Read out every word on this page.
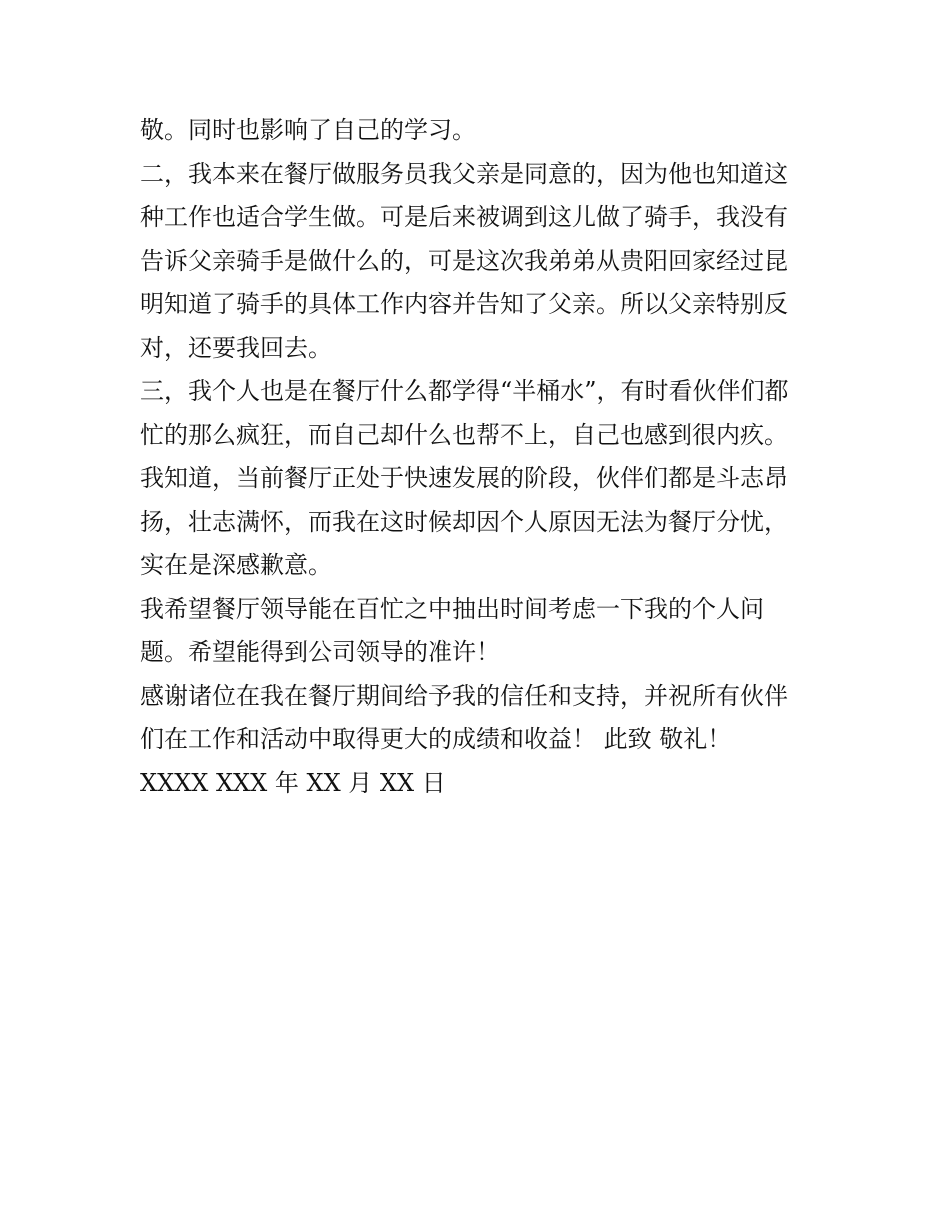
敬。同时也影响了自己的学习。
二，我本来在餐厅做服务员我父亲是同意的，因为他也知道这
种工作也适合学生做。可是后来被调到这儿做了骑手，我没有
告诉父亲骑手是做什么的，可是这次我弟弟从贵阳回家经过昆
明知道了骑手的具体工作内容并告知了父亲。所以父亲特别反
对，还要我回去。
三，我个人也是在餐厅什么都学得“半桶水”，有时看伙伴们都
忙的那么疯狂，而自己却什么也帮不上，自己也感到很内疚。
我知道，当前餐厅正处于快速发展的阶段，伙伴们都是斗志昂
扬，壮志满怀，而我在这时候却因个人原因无法为餐厅分忧，
实在是深感歉意。
我希望餐厅领导能在百忙之中抽出时间考虑一下我的个人问
题。希望能得到公司领导的准许！
感谢诸位在我在餐厅期间给予我的信任和支持，并祝所有伙伴
们在工作和活动中取得更大的成绩和收益！ 此致 敬礼！
XXXX XXX 年 XX 月 XX 日
